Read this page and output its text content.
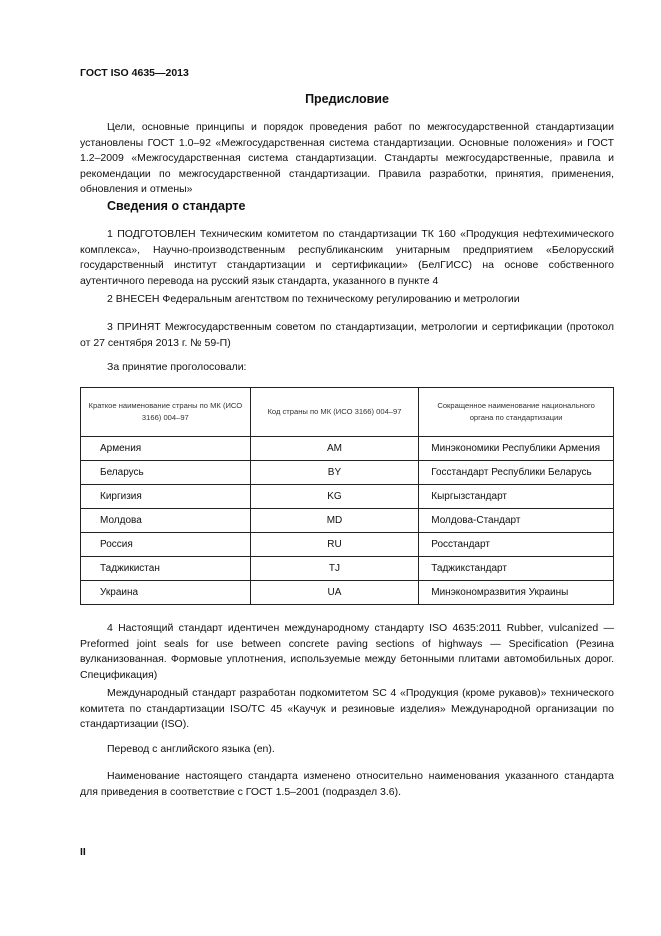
ГОСТ ISO 4635—2013
Предисловие
Цели, основные принципы и порядок проведения работ по межгосударственной стандартизации установлены ГОСТ 1.0–92 «Межгосударственная система стандартизации. Основные положения» и ГОСТ 1.2–2009 «Межгосударственная система стандартизации. Стандарты межгосударственные, правила и рекомендации по межгосударственной стандартизации. Правила разработки, принятия, применения, обновления и отмены»
Сведения о стандарте
1 ПОДГОТОВЛЕН Техническим комитетом по стандартизации ТК 160 «Продукция нефтехимического комплекса», Научно-производственным республиканским унитарным предприятием «Белорусский государственный институт стандартизации и сертификации» (БелГИСС) на основе собственного аутентичного перевода на русский язык стандарта, указанного в пункте 4
2 ВНЕСЕН Федеральным агентством по техническому регулированию и метрологии
3 ПРИНЯТ Межгосударственным советом по стандартизации, метрологии и сертификации (протокол от 27 сентября 2013 г. № 59-П)
За принятие проголосовали:
Краткое наименование страны по МК (ИСО 3166) 004–97	Код страны по МК (ИСО 3166) 004–97	Сокращенное наименование национального органа по стандартизации
Армения	AM	Минэкономики Республики Армения
Беларусь	BY	Госстандарт Республики Беларусь
Киргизия	KG	Кыргызстандарт
Молдова	MD	Молдова-Стандарт
Россия	RU	Росстандарт
Таджикистан	TJ	Таджикстандарт
Украина	UA	Минэкономразвития Украины
4 Настоящий стандарт идентичен международному стандарту ISO 4635:2011 Rubber, vulcanized — Preformed joint seals for use between concrete paving sections of highways — Specification (Резина вулканизованная. Формовые уплотнения, используемые между бетонными плитами автомобильных дорог. Спецификация)
Международный стандарт разработан подкомитетом SC 4 «Продукция (кроме рукавов)» технического комитета по стандартизации ISO/TC 45 «Каучук и резиновые изделия» Международной организации по стандартизации (ISO).
Перевод с английского языка (en).
Наименование настоящего стандарта изменено относительно наименования указанного стандарта для приведения в соответствие с ГОСТ 1.5–2001 (подраздел 3.6).
II
